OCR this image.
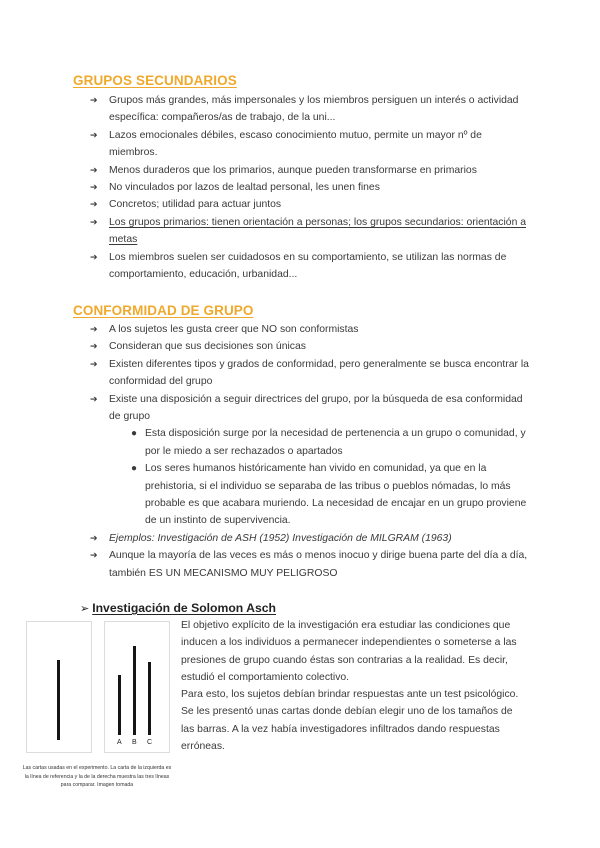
GRUPOS SECUNDARIOS
➔ Grupos más grandes, más impersonales y los miembros persiguen un interés o actividad específica: compañeros/as de trabajo, de la uni...
➔ Lazos emocionales débiles, escaso conocimiento mutuo, permite un mayor nº de miembros.
➔ Menos duraderos que los primarios, aunque pueden transformarse en primarios
➔ No vinculados por lazos de lealtad personal, les unen fines
➔ Concretos; utilidad para actuar juntos
➔ Los grupos primarios: tienen orientación a personas; los grupos secundarios: orientación a metas
➔ Los miembros suelen ser cuidadosos en su comportamiento, se utilizan las normas de comportamiento, educación, urbanidad...
CONFORMIDAD DE GRUPO
➔ A los sujetos les gusta creer que NO son conformistas
➔ Consideran que sus decisiones son únicas
➔ Existen diferentes tipos y grados de conformidad, pero generalmente se busca encontrar la conformidad del grupo
➔ Existe una disposición a seguir directrices del grupo, por la búsqueda de esa conformidad de grupo
● Esta disposición surge por la necesidad de pertenencia a un grupo o comunidad, y por le miedo a ser rechazados o apartados
● Los seres humanos históricamente han vivido en comunidad, ya que en la prehistoria, si el individuo se separaba de las tribus o pueblos nómadas, lo más probable es que acabara muriendo. La necesidad de encajar en un grupo proviene de un instinto de supervivencia.
➔ Ejemplos: Investigación de ASH (1952) Investigación de MILGRAM (1963)
➔ Aunque la mayoría de las veces es más o menos inocuo y dirige buena parte del día a día, también ES UN MECANISMO MUY PELIGROSO
➢ Investigación de Solomon Asch
A B C
Las cartas usadas en el experimento. La carta de la izquierda es la línea de referencia y la de la derecha muestra las tres líneas para comparar. Imagen tomada

El objetivo explícito de la investigación era estudiar las condiciones que inducen a los individuos a permanecer independientes o someterse a las presiones de grupo cuando éstas son contrarias a la realidad. Es decir, estudió el comportamiento colectivo.

Para esto, los sujetos debían brindar respuestas ante un test psicológico. Se les presentó unas cartas donde debían elegir uno de los tamaños de las barras. A la vez había investigadores infiltrados dando respuestas erróneas.
